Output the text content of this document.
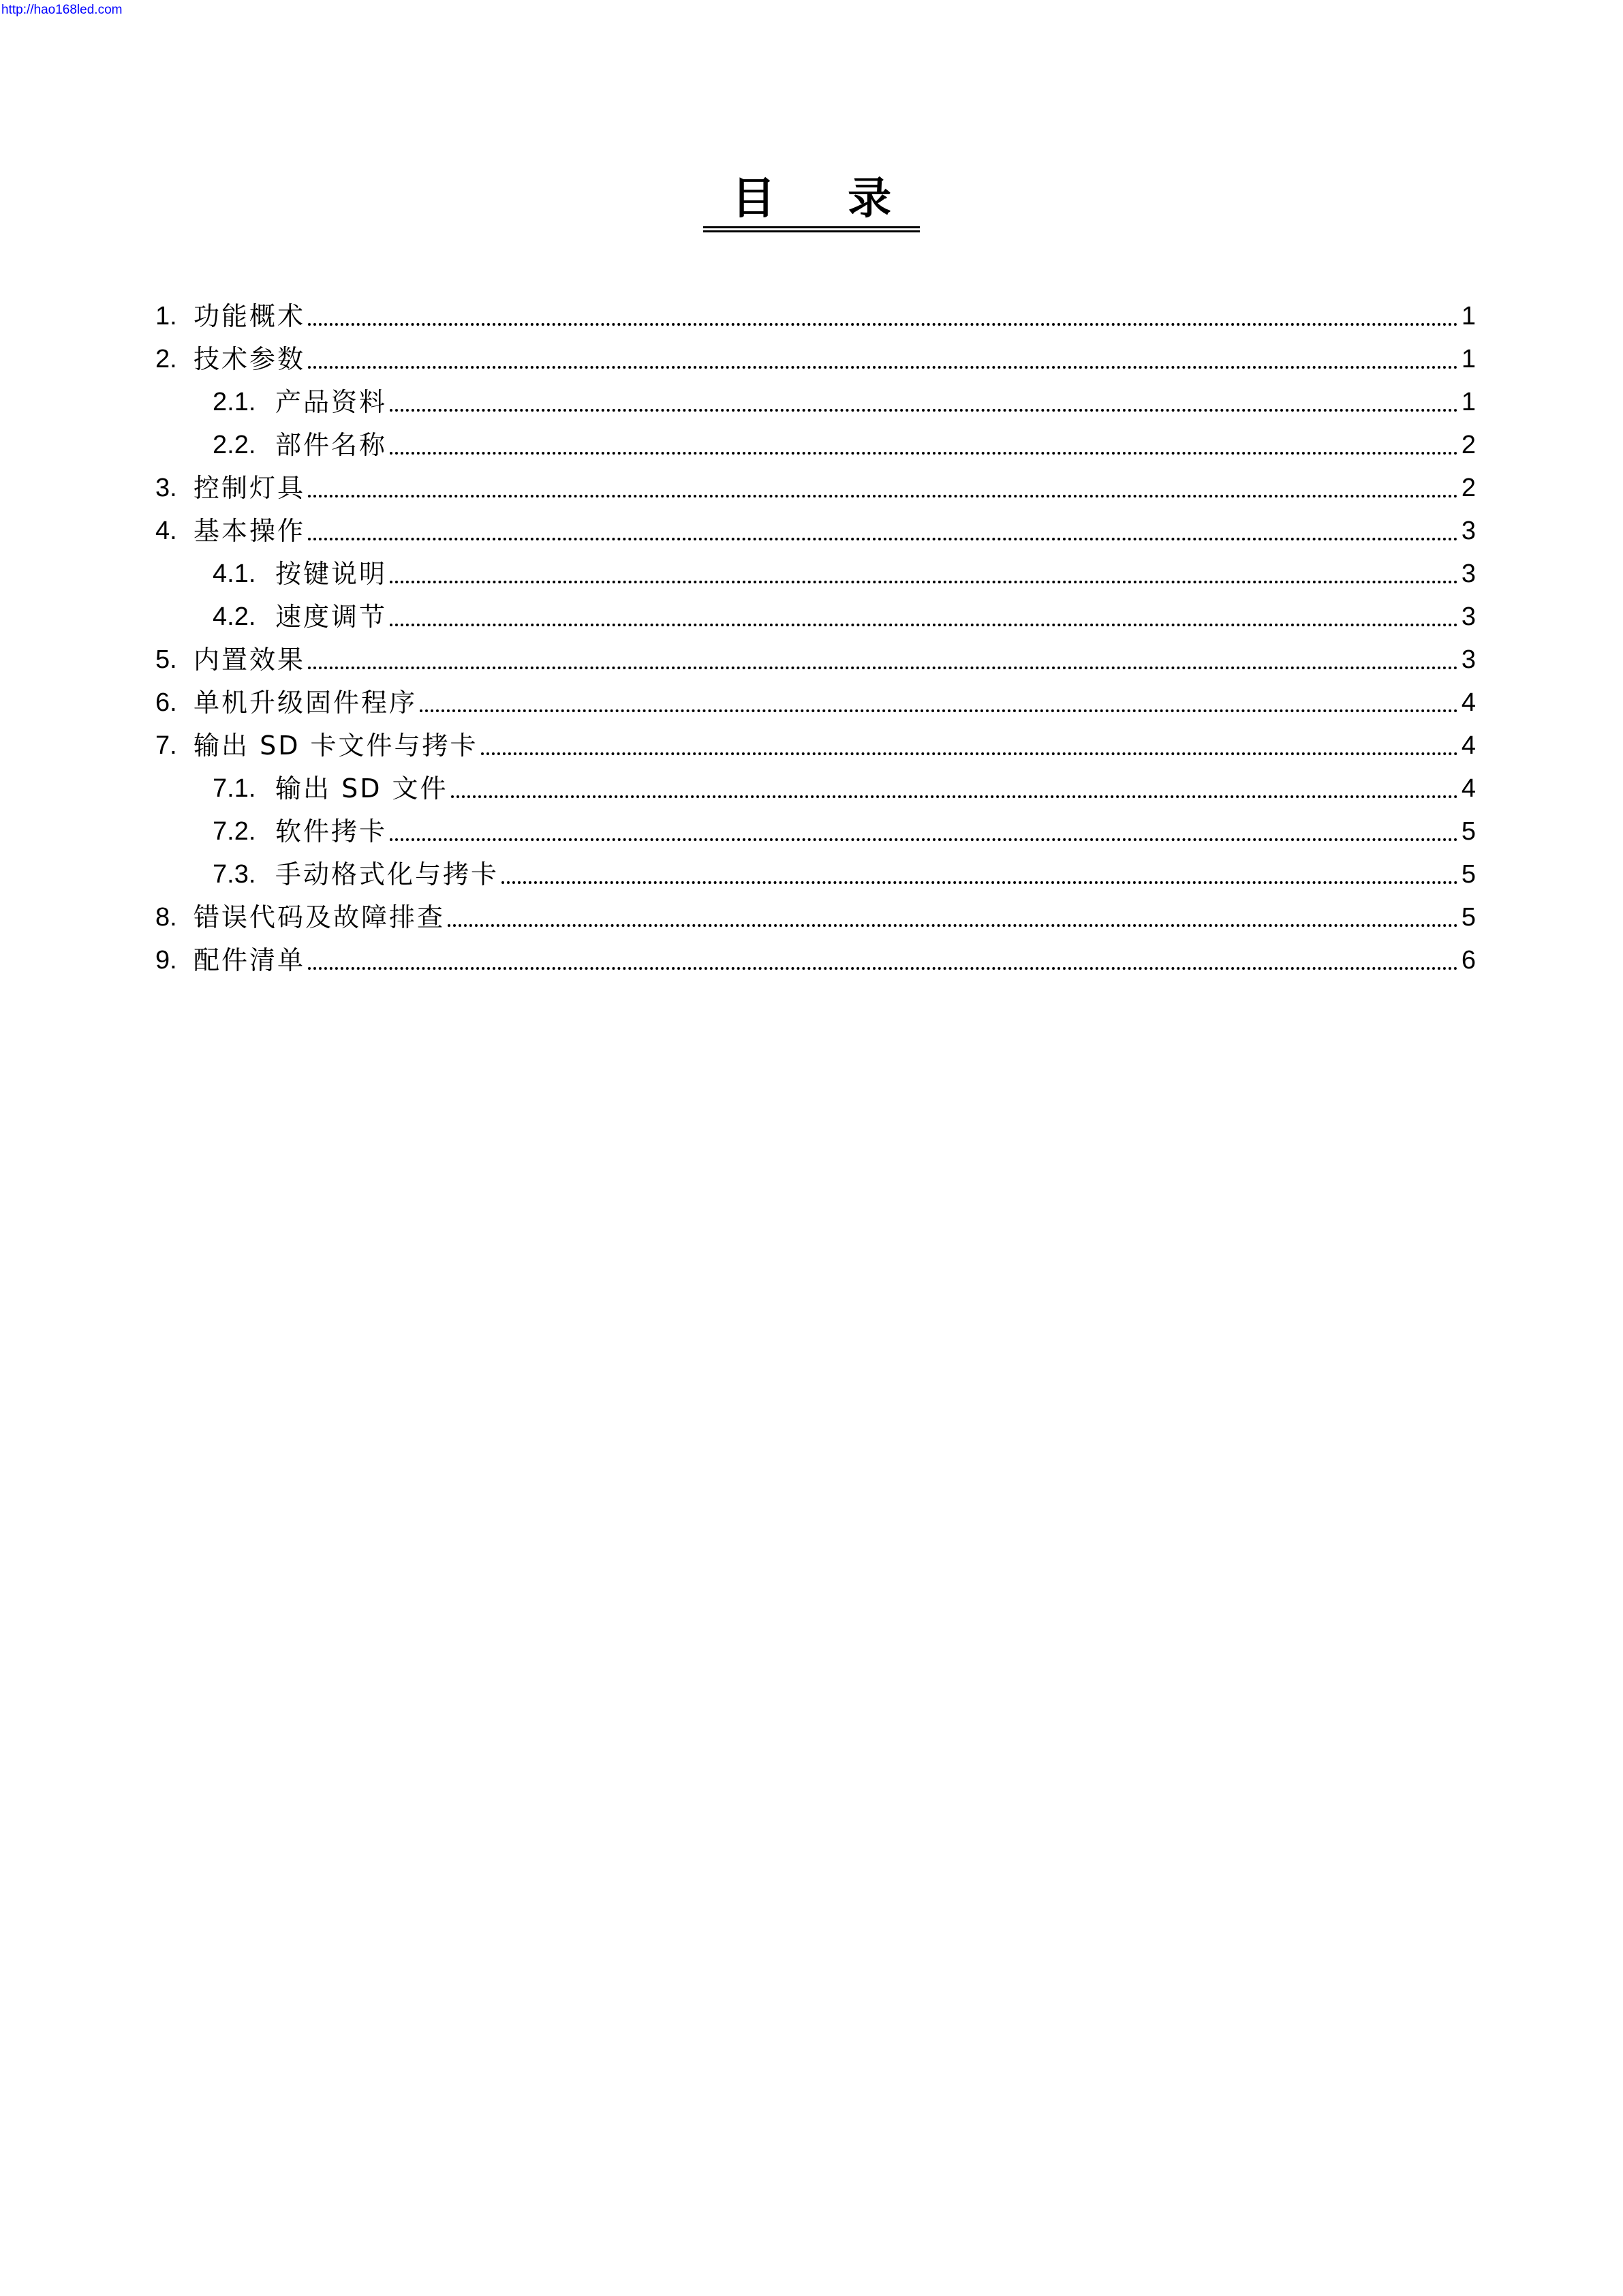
http://hao168led.com
目 录
1. 功能概术	1
2. 技术参数	1
2.1. 产品资料	1
2.2. 部件名称	2
3. 控制灯具	2
4. 基本操作	3
4.1. 按键说明	3
4.2. 速度调节	3
5. 内置效果	3
6. 单机升级固件程序	4
7. 输出 SD 卡文件与拷卡	4
7.1. 输出 SD 文件	4
7.2. 软件拷卡	5
7.3. 手动格式化与拷卡	5
8. 错误代码及故障排查	5
9. 配件清单	6
